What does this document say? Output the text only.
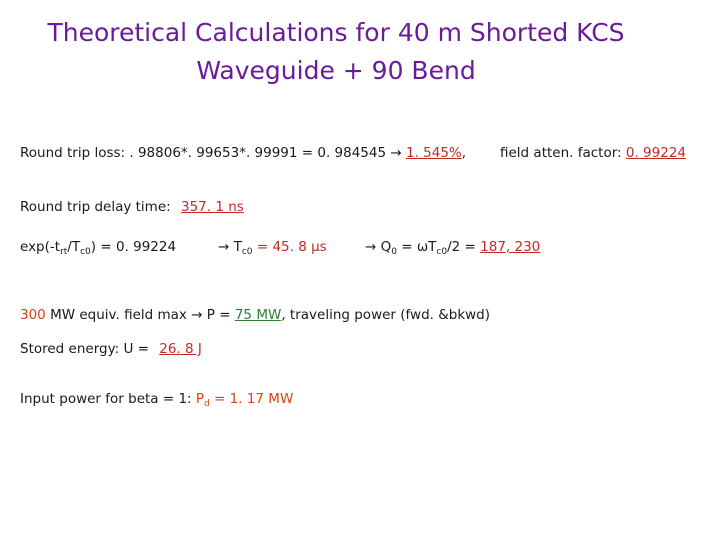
Theoretical Calculations for 40 m Shorted KCS
Waveguide + 90 Bend
Round trip loss: . 98806*. 99653*. 99991 = 0. 984545 → 1. 545%,	field atten. factor: 0. 99224
Round trip delay time: 357. 1 ns
$\exp(-t_{rt}/T_{c0}) = 0$. 99224	→ $T_{c0} = 45$. 8 µs	→ $Q_0 = \omega T_{c0}/2 = 187$, 230
300 MW equiv. field max → P = 75 MW, traveling power (fwd. &bkwd)
Stored energy: U = 26. 8 J
Input power for beta = 1: $P_d = 1$. 17 MW
